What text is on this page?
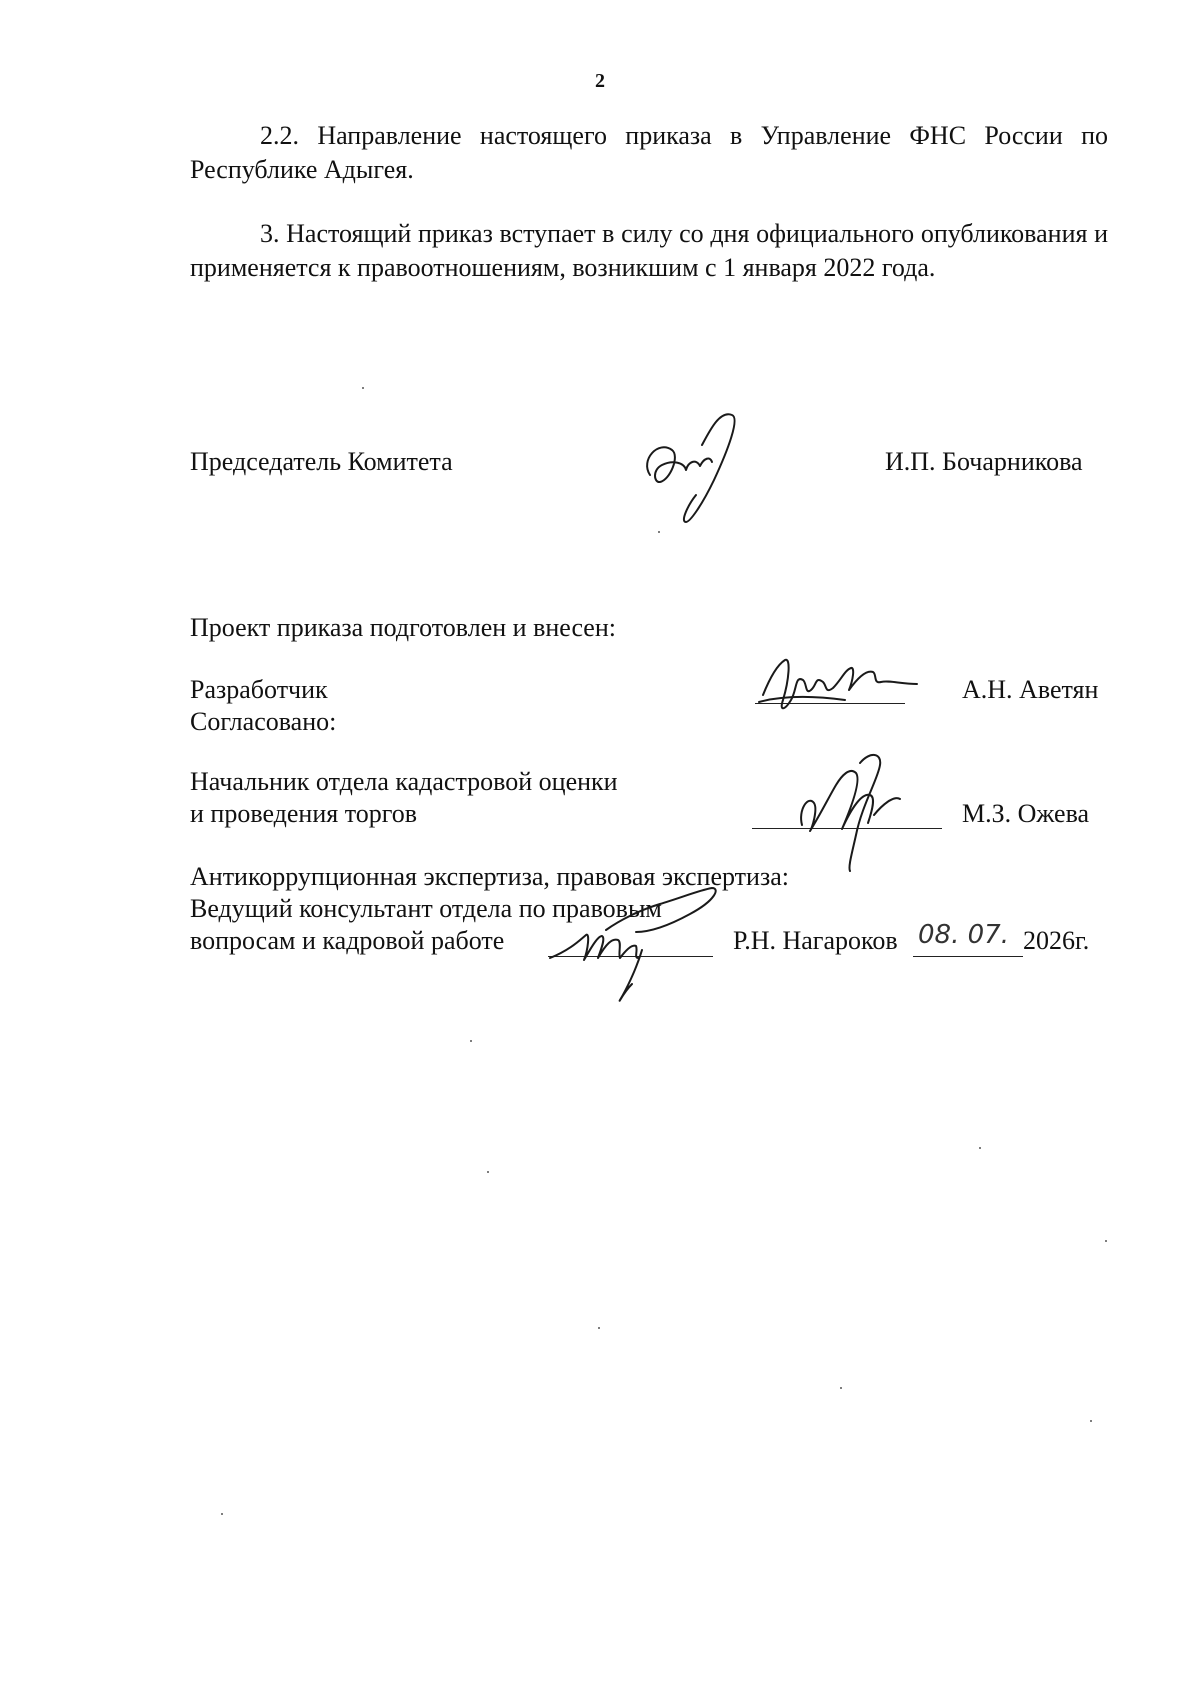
2
2.2. Направление настоящего приказа в Управление ФНС России по Республике Адыгея.
3. Настоящий приказ вступает в силу со дня официального опубликования и применяется к правоотношениям, возникшим с 1 января 2022 года.
Председатель Комитета	И.П. Бочарникова
Проект приказа подготовлен и внесен:
Разработчик	А.Н. Аветян
Согласовано:
Начальник отдела кадастровой оценки
и проведения торгов	М.З. Ожева
Антикоррупционная экспертиза, правовая экспертиза:
Ведущий консультант отдела по правовым
вопросам и кадровой работе	Р.Н. Нагароков 08. 07. 2026г.
